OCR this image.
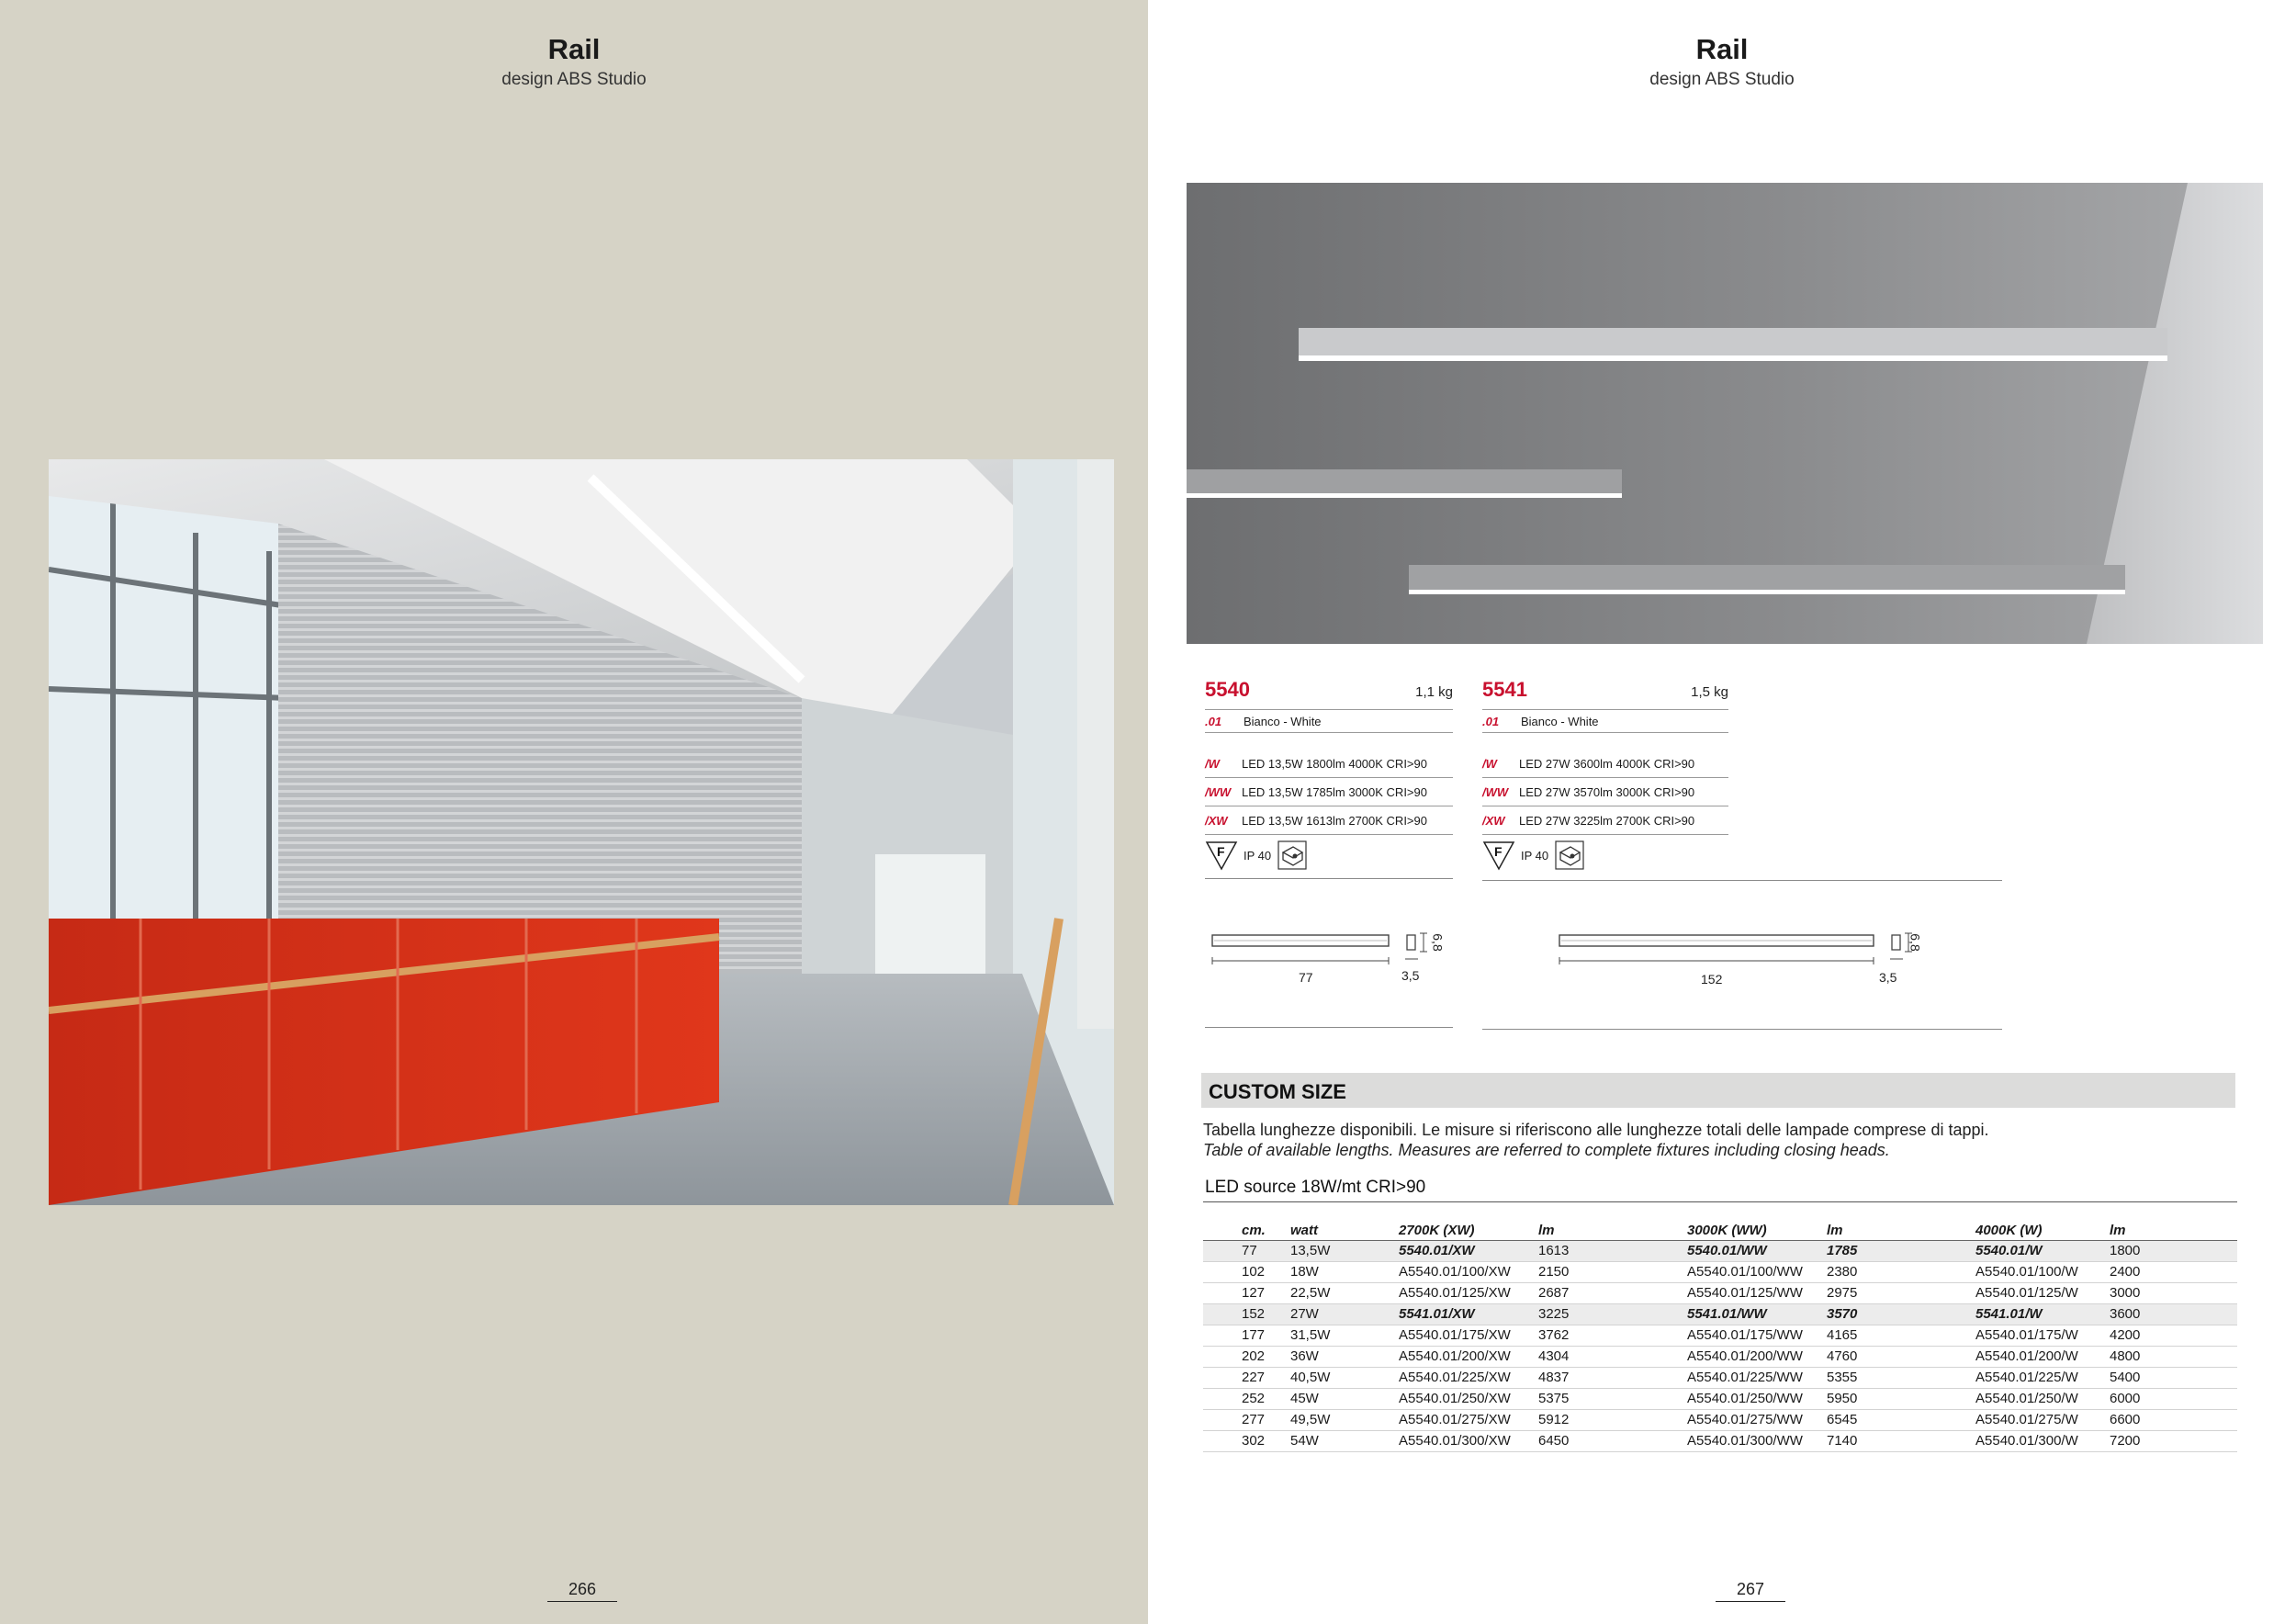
Rail
design ABS Studio
266
Rail
design ABS Studio
5540	1,1 kg
.01	Bianco - White
/W	LED 13,5W 1800lm 4000K CRI>90
/WW LED 13,5W 1785lm 3000K CRI>90
/XW	LED 13,5W 1613lm 2700K CRI>90
F IP 40
5541	1,5 kg
.01	Bianco - White
/W	LED 27W 3600lm 4000K CRI>90
/WW LED 27W 3570lm 3000K CRI>90
/XW	LED 27W 3225lm 2700K CRI>90
F IP 40
77	3,5
6,8
152	3,5
6,8
CUSTOM SIZE
Tabella lunghezze disponibili. Le misure si riferiscono alle lunghezze totali delle lampade comprese di tappi.
Table of available lengths. Measures are referred to complete fixtures including closing heads.
LED source 18W/mt CRI>90
cm.	watt	2700K (XW)	lm	3000K (WW)	lm	4000K (W)	lm
77	13,5W	5540.01/XW	1613	5540.01/WW	1785	5540.01/W	1800
102	18W	A5540.01/100/XW	2150	A5540.01/100/WW	2380	A5540.01/100/W	2400
127	22,5W	A5540.01/125/XW	2687	A5540.01/125/WW	2975	A5540.01/125/W	3000
152	27W	5541.01/XW	3225	5541.01/WW	3570	5541.01/W	3600
177	31,5W	A5540.01/175/XW	3762	A5540.01/175/WW	4165	A5540.01/175/W	4200
202	36W	A5540.01/200/XW	4304	A5540.01/200/WW	4760	A5540.01/200/W	4800
227	40,5W	A5540.01/225/XW	4837	A5540.01/225/WW	5355	A5540.01/225/W	5400
252	45W	A5540.01/250/XW	5375	A5540.01/250/WW	5950	A5540.01/250/W	6000
277	49,5W	A5540.01/275/XW	5912	A5540.01/275/WW	6545	A5540.01/275/W	6600
302	54W	A5540.01/300/XW	6450	A5540.01/300/WW	7140	A5540.01/300/W	7200
267
